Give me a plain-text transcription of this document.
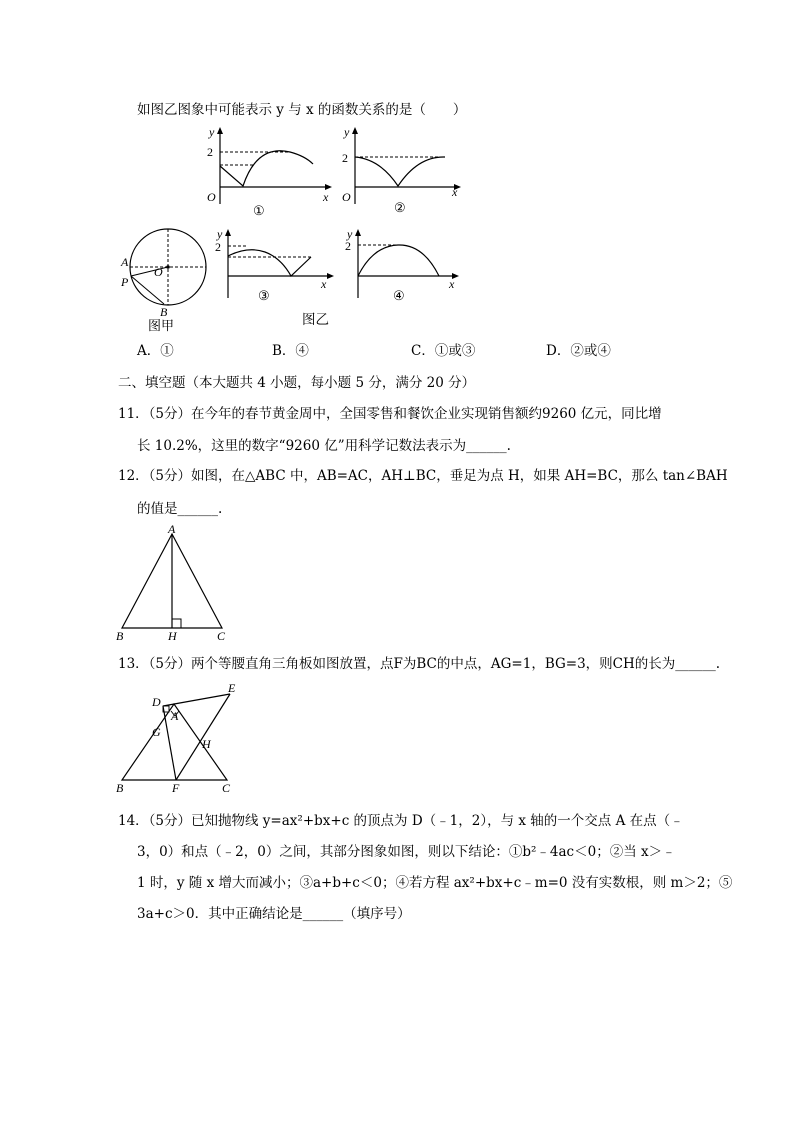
如图乙图象中可能表示 y 与 x 的函数关系的是（　　）
y
2
O	x
①
y
2
O	x
②
A
O
P
B
图甲
y
2
x
③
y
2
x
④
图乙
A．①	B．④	C．①或③	D．②或④
二、填空题（本大题共 4 小题，每小题 5 分，满分 20 分）
11．（5分）在今年的春节黄金周中，全国零售和餐饮企业实现销售额约9260 亿元，同比增
长 10.2%，这里的数字“9260 亿”用科学记数法表示为______.
12．（5分）如图，在△ABC 中，AB=AC，AH⊥BC，垂足为点 H，如果 AH=BC，那么 tan∠BAH
的值是______.
A
B	H	C
13．（5分）两个等腰直角三角板如图放置，点F为BC的中点，AG=1，BG=3，则CH的长为______.
D
E
A
G
H
B	F	C
14．（5分）已知抛物线 y=ax²+bx+c 的顶点为 D（﹣1，2），与 x 轴的一个交点 A 在点（﹣
3，0）和点（﹣2，0）之间，其部分图象如图，则以下结论：①b²﹣4ac＜0；②当 x＞﹣
1 时，y 随 x 增大而减小；③a+b+c＜0；④若方程 ax²+bx+c﹣m=0 没有实数根，则 m＞2；⑤
3a+c＞0．其中正确结论是______（填序号）
